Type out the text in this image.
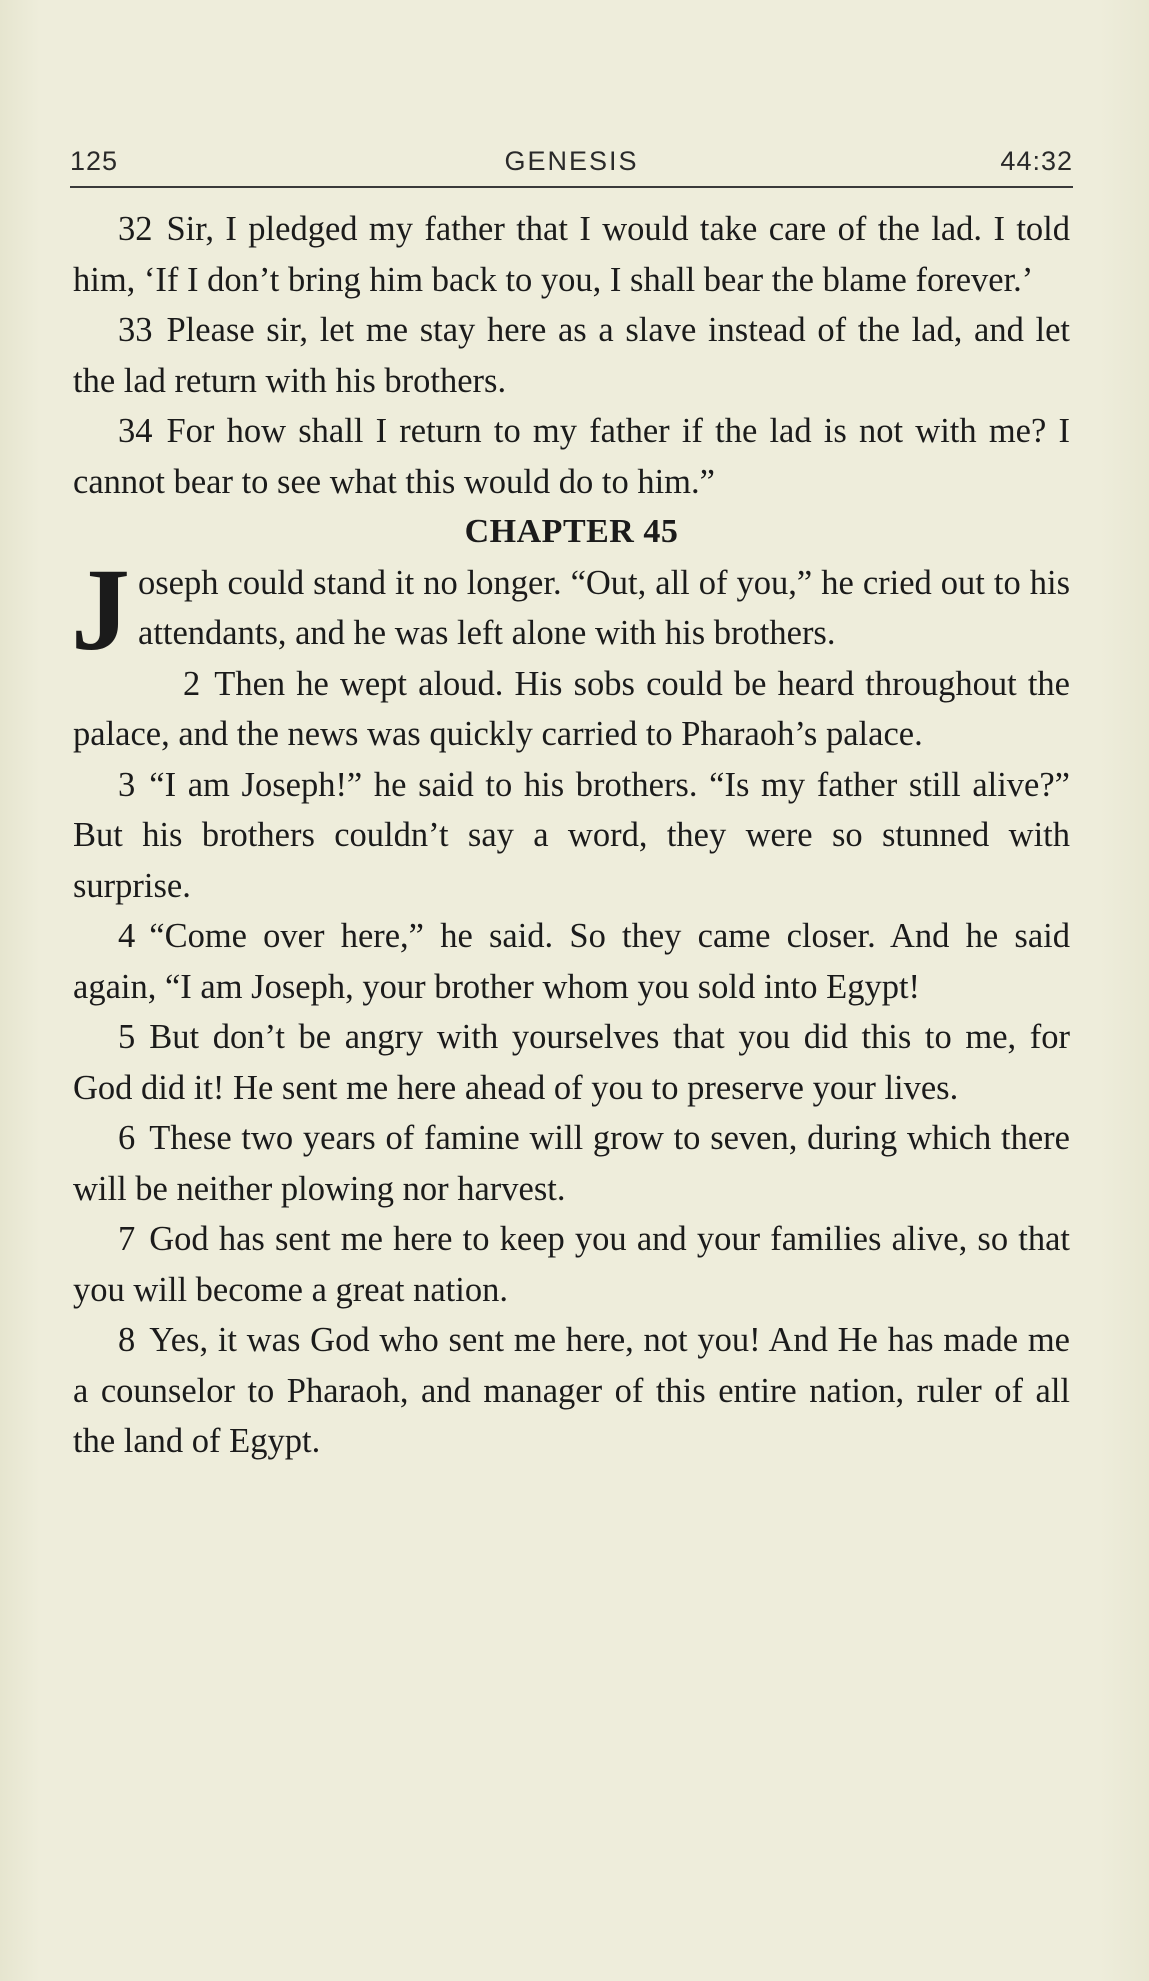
125	GENESIS	44:32

32 Sir, I pledged my father that I would take care of the lad. I told him, ‘If I don’t bring him back to you, I shall bear the blame forever.’

33 Please sir, let me stay here as a slave instead of the lad, and let the lad return with his brothers.

34 For how shall I return to my father if the lad is not with me? I cannot bear to see what this would do to him.”

CHAPTER 45

Joseph could stand it no longer. “Out, all of you,” he cried out to his attendants, and he was left alone with his brothers.

2 Then he wept aloud. His sobs could be heard throughout the palace, and the news was quickly carried to Pharaoh’s palace.

3 “I am Joseph!” he said to his brothers. “Is my father still alive?” But his brothers couldn’t say a word, they were so stunned with surprise.

4 “Come over here,” he said. So they came closer. And he said again, “I am Joseph, your brother whom you sold into Egypt!

5 But don’t be angry with yourselves that you did this to me, for God did it! He sent me here ahead of you to preserve your lives.

6 These two years of famine will grow to seven, during which there will be neither plowing nor harvest.

7 God has sent me here to keep you and your families alive, so that you will become a great nation.

8 Yes, it was God who sent me here, not you! And He has made me a counselor to Pharaoh, and manager of this entire nation, ruler of all the land of Egypt.
